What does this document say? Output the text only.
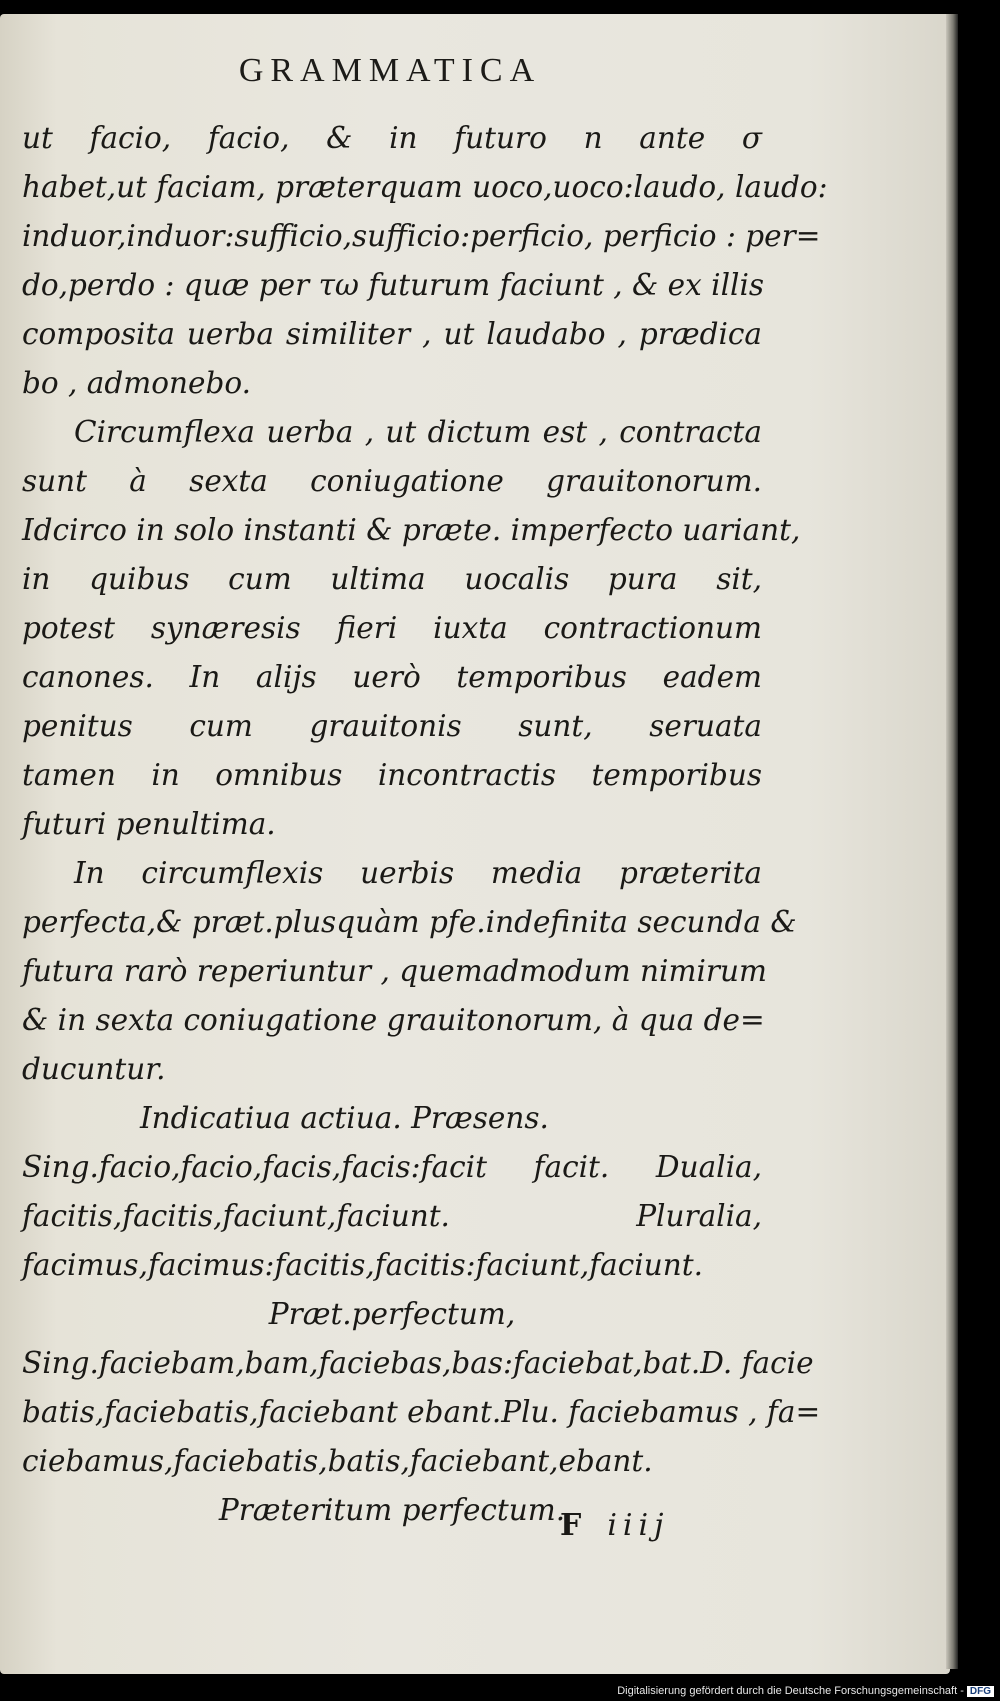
GRAMMATICA
ut facio, facio, & in futuro n ante σ
habet,ut faciam, præterquam uoco,uoco:laudo, laudo:
induor,induor:sufficio,sufficio:perficio, perficio : per=
do,perdo : quæ per τω futurum faciunt , & ex illis
composita uerba similiter , ut laudabo , prædica
bo , admonebo.
Circumflexa uerba , ut dictum est , contracta
sunt à sexta coniugatione grauitonorum.
Idcirco in solo instanti & præte. imperfecto uariant,
in quibus cum ultima uocalis pura sit,
potest synæresis fieri iuxta contractionum
canones. In alijs uerò temporibus eadem
penitus cum grauitonis sunt, seruata
tamen in omnibus incontractis temporibus
futuri penultima.
In circumflexis uerbis media præterita
perfecta,& præt.plusquàm pfe.indefinita secunda &
futura rarò reperiuntur , quemadmodum nimirum
& in sexta coniugatione grauitonorum, à qua de=
ducuntur.
Indicatiua actiua. Præsens.
Sing.facio,facio,facis,facis:facit facit. Dualia,
facitis,facitis,faciunt,faciunt. Pluralia,
facimus,facimus:facitis,facitis:faciunt,faciunt.
Præt.perfectum,
Sing.faciebam,bam,faciebas,bas:faciebat,bat.D. facie
batis,faciebatis,faciebant ebant.Plu. faciebamus , fa=
ciebamus,faciebatis,batis,faciebant,ebant.
Præteritum perfectum.
F iiij
Digitalisierung gefördert durch die Deutsche Forschungsgemeinschaft - DFG
